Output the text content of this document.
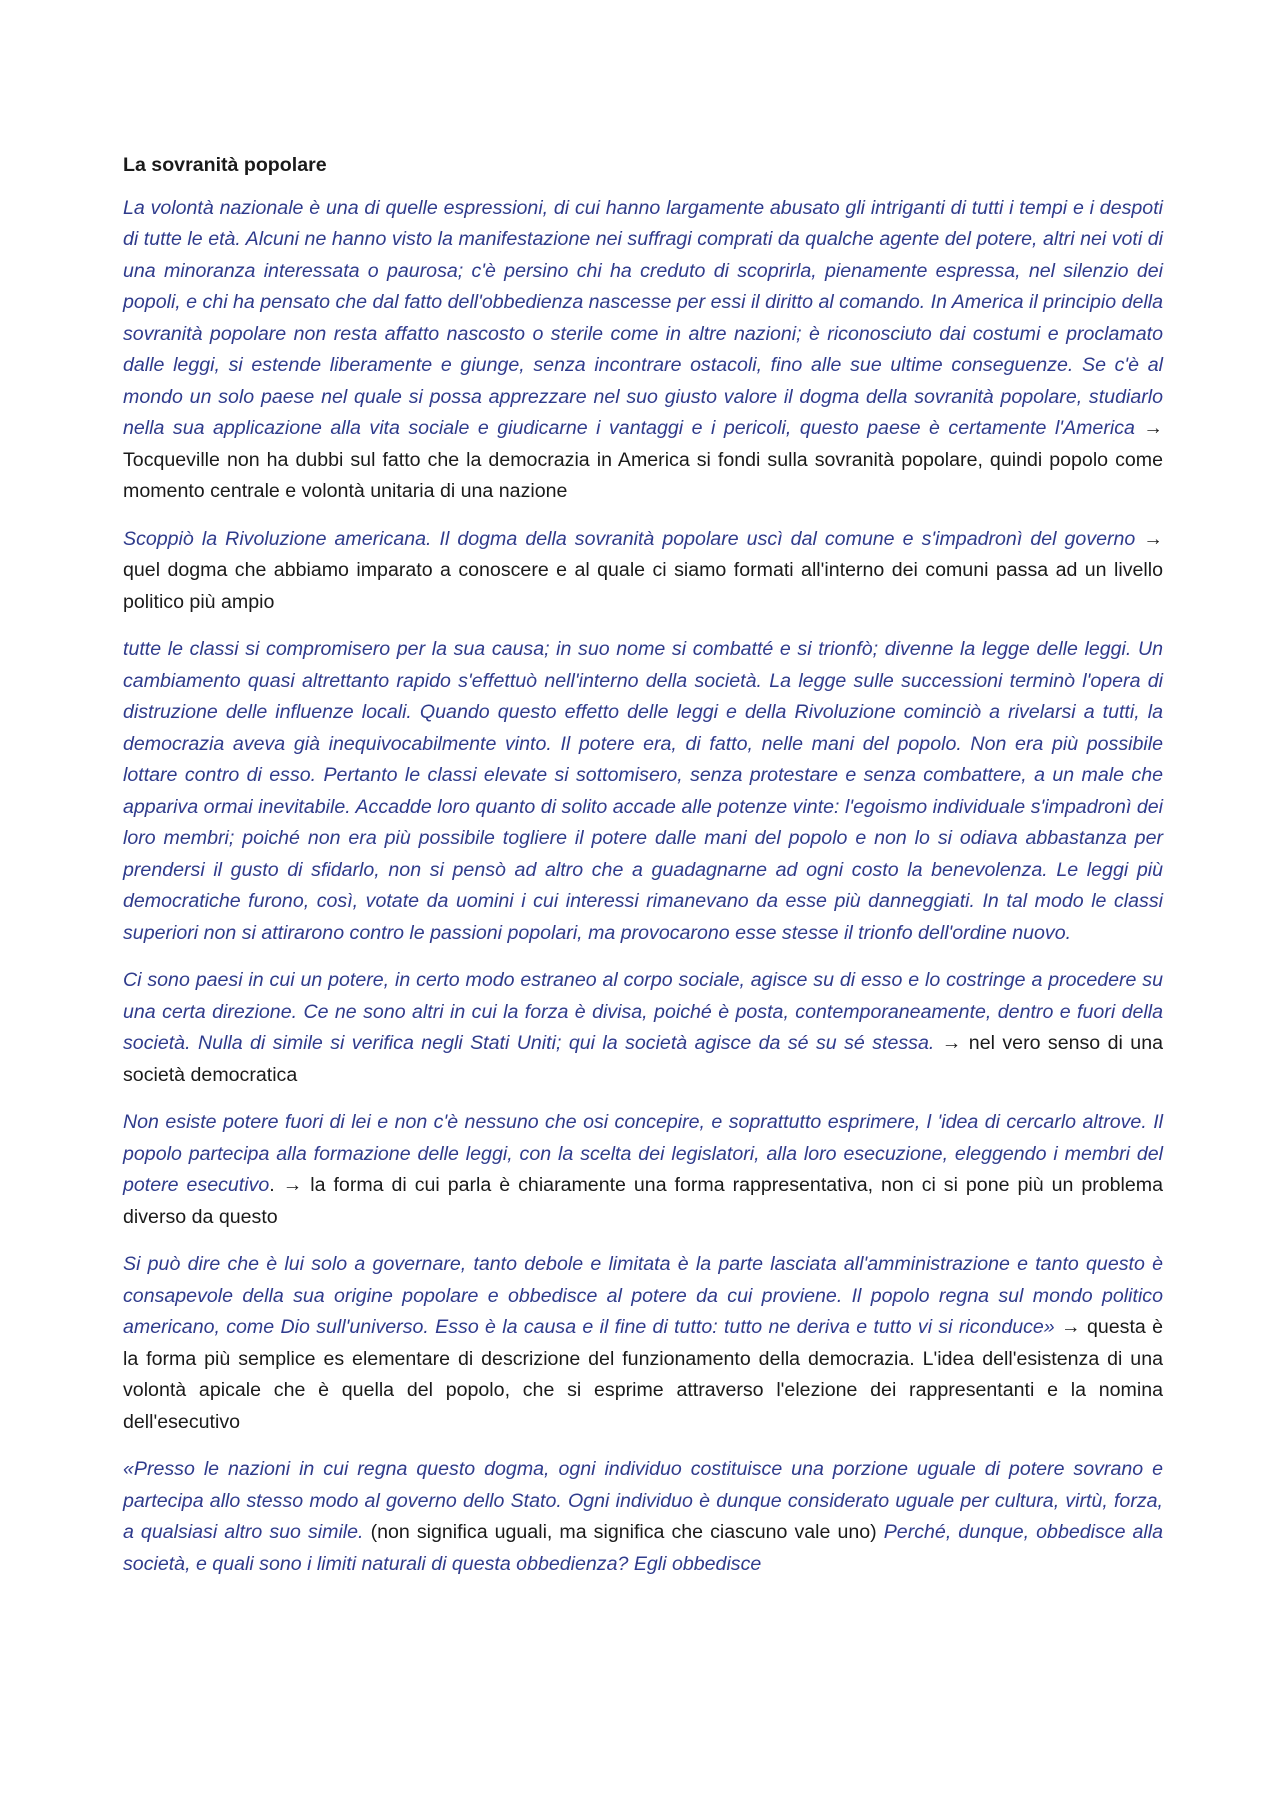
La sovranità popolare

La volontà nazionale è una di quelle espressioni, di cui hanno largamente abusato gli intriganti di tutti i tempi e i despoti di tutte le età. Alcuni ne hanno visto la manifestazione nei suffragi comprati da qualche agente del potere, altri nei voti di una minoranza interessata o paurosa; c'è persino chi ha creduto di scoprirla, pienamente espressa, nel silenzio dei popoli, e chi ha pensato che dal fatto dell'obbedienza nascesse per essi il diritto al comando. In America il principio della sovranità popolare non resta affatto nascosto o sterile come in altre nazioni; è riconosciuto dai costumi e proclamato dalle leggi, si estende liberamente e giunge, senza incontrare ostacoli, fino alle sue ultime conseguenze. Se c'è al mondo un solo paese nel quale si possa apprezzare nel suo giusto valore il dogma della sovranità popolare, studiarlo nella sua applicazione alla vita sociale e giudicarne i vantaggi e i pericoli, questo paese è certamente l'America → Tocqueville non ha dubbi sul fatto che la democrazia in America si fondi sulla sovranità popolare, quindi popolo come momento centrale e volontà unitaria di una nazione

Scoppiò la Rivoluzione americana. Il dogma della sovranità popolare uscì dal comune e s'impadronì del governo → quel dogma che abbiamo imparato a conoscere e al quale ci siamo formati all'interno dei comuni passa ad un livello politico più ampio

tutte le classi si compromisero per la sua causa; in suo nome si combatté e si trionfò; divenne la legge delle leggi. Un cambiamento quasi altrettanto rapido s'effettuò nell'interno della società. La legge sulle successioni terminò l'opera di distruzione delle influenze locali. Quando questo effetto delle leggi e della Rivoluzione cominciò a rivelarsi a tutti, la democrazia aveva già inequivocabilmente vinto. Il potere era, di fatto, nelle mani del popolo. Non era più possibile lottare contro di esso. Pertanto le classi elevate si sottomisero, senza protestare e senza combattere, a un male che appariva ormai inevitabile. Accadde loro quanto di solito accade alle potenze vinte: l'egoismo individuale s'impadronì dei loro membri; poiché non era più possibile togliere il potere dalle mani del popolo e non lo si odiava abbastanza per prendersi il gusto di sfidarlo, non si pensò ad altro che a guadagnarne ad ogni costo la benevolenza. Le leggi più democratiche furono, così, votate da uomini i cui interessi rimanevano da esse più danneggiati. In tal modo le classi superiori non si attirarono contro le passioni popolari, ma provocarono esse stesse il trionfo dell'ordine nuovo.

Ci sono paesi in cui un potere, in certo modo estraneo al corpo sociale, agisce su di esso e lo costringe a procedere su una certa direzione. Ce ne sono altri in cui la forza è divisa, poiché è posta, contemporaneamente, dentro e fuori della società. Nulla di simile si verifica negli Stati Uniti; qui la società agisce da sé su sé stessa. → nel vero senso di una società democratica

Non esiste potere fuori di lei e non c'è nessuno che osi concepire, e soprattutto esprimere, l 'idea di cercarlo altrove. Il popolo partecipa alla formazione delle leggi, con la scelta dei legislatori, alla loro esecuzione, eleggendo i membri del potere esecutivo. → la forma di cui parla è chiaramente una forma rappresentativa, non ci si pone più un problema diverso da questo

Si può dire che è lui solo a governare, tanto debole e limitata è la parte lasciata all'amministrazione e tanto questo è consapevole della sua origine popolare e obbedisce al potere da cui proviene. Il popolo regna sul mondo politico americano, come Dio sull'universo. Esso è la causa e il fine di tutto: tutto ne deriva e tutto vi si riconduce» → questa è la forma più semplice es elementare di descrizione del funzionamento della democrazia. L'idea dell'esistenza di una volontà apicale che è quella del popolo, che si esprime attraverso l'elezione dei rappresentanti e la nomina dell'esecutivo

«Presso le nazioni in cui regna questo dogma, ogni individuo costituisce una porzione uguale di potere sovrano e partecipa allo stesso modo al governo dello Stato. Ogni individuo è dunque considerato uguale per cultura, virtù, forza, a qualsiasi altro suo simile. (non significa uguali, ma significa che ciascuno vale uno) Perché, dunque, obbedisce alla società, e quali sono i limiti naturali di questa obbedienza? Egli obbedisce
